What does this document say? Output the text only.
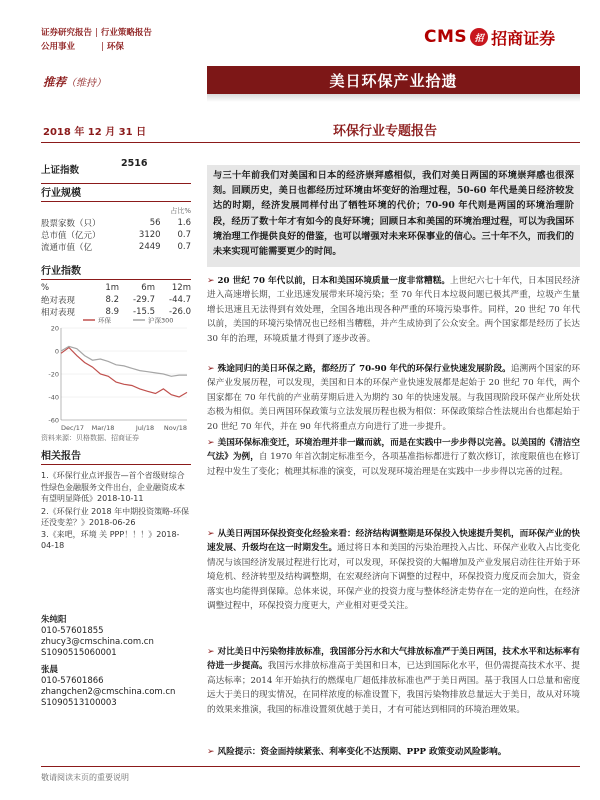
证券研究报告 | 行业策略报告
公用事业	| 环保	CMS 招 招商证券
推荐（维持）	美日环保产业拾遗
2018 年 12 月 31 日	环保行业专题报告
上证指数
2516
行业规模
		占比%
股票家数（只）	56	1.6
总市值（亿元）	3120	0.7
流通市值（亿	2449	0.7
行业指数
%	1m	6m	12m
绝对表现	8.2	-29.7	-44.7
相对表现	8.9	-15.5	-26.0
20
0
-20
-40
-60
Dec/17 Mar/18	Jul/18 Nov/18
环保	沪深300
资料来源：贝格数据、招商证券
相关报告
1.《环保行业点评报告—首个省级财综合性绿色金融服务文件出台，企业融资成本有望明显降低》2018-10-11
2.《环保行业 2018 年中期投资策略-环保还没变差？》2018-06-26
3.《来吧，环境 关 PPP！！！》2018-04-18
朱纯阳
010-57601855
zhucy3@cmschina.com.cn
S1090515060001
张晨
010-57601866
zhangchen2@cmschina.com.cn
S1090513100003
与三十年前我们对美国和日本的经济崇拜感相似，我们对美日两国的环境崇拜感也很深刻。回顾历史，美日也都经历过环境由坏变好的治理过程，50-60 年代是美日经济较发达的时期，经济发展同样付出了牺牲环境的代价；70-90 年代则是两国的环境治理阶段，经历了数十年才有如今的良好环境；回顾日本和美国的环境治理过程，可以为我国环境治理工作提供良好的借鉴，也可以增强对未来环保事业的信心。三十年不久，而我们的未来实现可能需要更少的时间。
➢ 20 世纪 70 年代以前，日本和美国环境质量一度非常糟糕。上世纪六七十年代，日本国民经济进入高速增长期，工业迅速发展带来环境污染；至 70 年代日本垃圾问题已极其严重，垃圾产生量增长迅速且无法得到有效处理，全国各地出现各种严重的环境污染事件。同样，20 世纪 70 年代以前，美国的环境污染情况也已经相当糟糕，并产生成协到了公众安全。两个国家都是经历了长达 30 年的治理，环境质量才得到了逐步改善。
➢ 殊途同归的美日环保之路，都经历了 70-90 年代的环保行业快速发展阶段。追溯两个国家的环保产业发展历程，可以发现，美国和日本的环保产业快速发展都是起始于 20 世纪 70 年代，两个国家都在 70 年代前的产业萌芽期后进入为期约 30 年的快速发展。与我国现阶段环保产业所处状态极为相似。美日两国环保政策与立法发展历程也极为相似：环保政策综合性法规出台也都起始于 20 世纪 70 年代，并在 90 年代将重点方向进行了进一步提升。
➢ 美国环保标准变迁，环境治理并非一蹴而就，而是在实践中一步步得以完善。以美国的《清洁空气法》为例，自 1970 年首次制定标准至今，各项基准指标都进行了数次修订，浓度限值也在修订过程中发生了变化；梳理其标准的演变，可以发现环境治理是在实践中一步步得以完善的过程。
➢ 从美日两国环保投资变化经验来看：经济结构调整期是环保投入快速提升契机，而环保产业的快速发展、升级均在这一时期发生。通过将日本和美国的污染治理投入占比、环保产业收入占比变化情况与该国经济发展过程进行比对，可以发现，环保投资的大幅增加及产业发展启动往往开始于环境危机、经济转型及结构调整期，在宏观经济向下调整的过程中，环保投资力度反而会加大，资金落实也均能得到保障。总体来说，环保产业的投资力度与整体经济走势存在一定的逆向性，在经济调整过程中，环保投资力度更大，产业相对更受关注。
➢ 对比美日中污染物排放标准，我国部分污水和大气排放标准严于美日两国，技术水平和达标率有待进一步提高。我国污水排放标准高于美国和日本，已达到国际化水平，但仍需提高技术水平、提高达标率；2014 年开始执行的燃煤电厂超低排放标准也严于美日两国。基于我国人口总量和密度远大于美日的现实情况，在同样浓度的标准设置下，我国污染物排放总量远大于美日，故从对环境的效果来推演，我国的标准设置须优越于美日，才有可能达到相同的环境治理效果。
➢ 风险提示：资金面持续紧张、利率变化不达预期、PPP 政策变动风险影响。
敬请阅读末页的重要说明
